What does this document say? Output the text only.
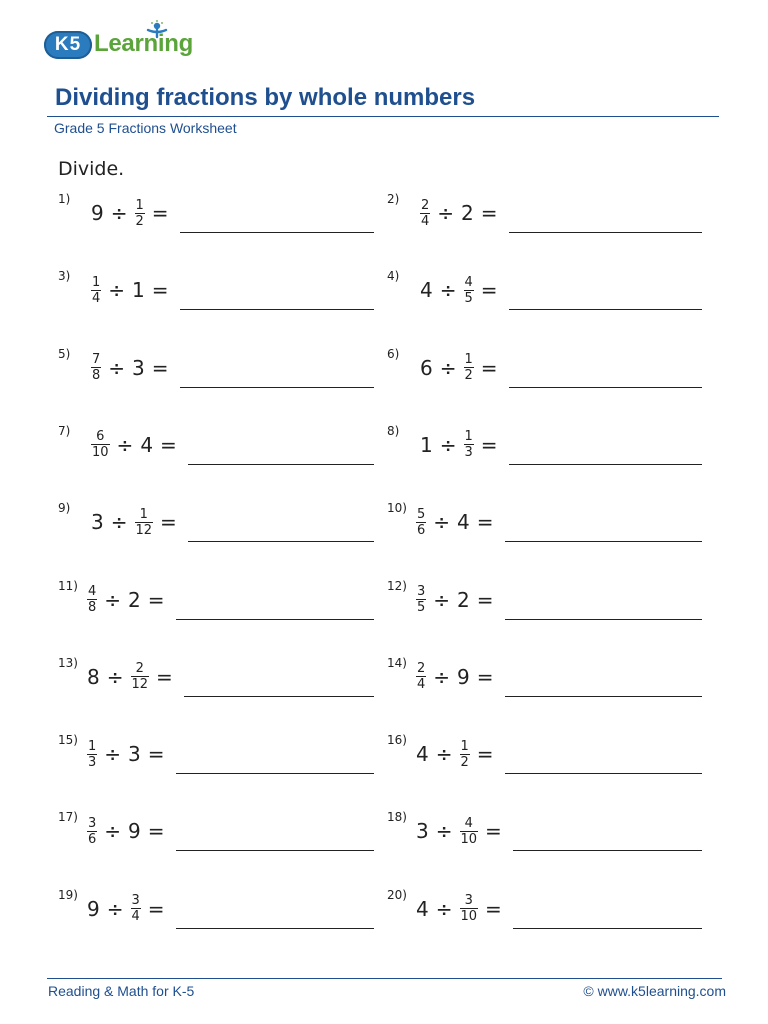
K5 Learning
Dividing fractions by whole numbers
Grade 5 Fractions Worksheet
Divide.
1)
$9 \div \frac{1}{2}$ =
$2) \frac{2}{4} \div 2$ =
$3) \frac{1}{4} \div 1$ =
4)
$4 \div \frac{4}{5}$ =
$5) \frac{7}{8} \div 3$ =
6)
$6 \div \frac{1}{2}$ =
$7) \frac{6}{10} \div 4$ =
8)
$1 \div \frac{1}{3}$ =
9)
$3 \div \frac{1}{12}$ =
$10) \frac{5}{6} \div 4$ =
$11) \frac{4}{8} \div 2$ =
$12) \frac{3}{5} \div 2$ =
13)
$8 \div \frac{2}{12}$ =
$14) \frac{2}{4} \div 9$ =
$15) \frac{1}{3} \div 3$ =
16)
$4 \div \frac{1}{2}$ =
$17) \frac{3}{6} \div 9$ =
18)
$3 \div \frac{4}{10}$ =
19)
$9 \div \frac{3}{4}$ =
20)
$4 \div \frac{3}{10}$ =
Reading & Math for K-5	© www.k5learning.com
